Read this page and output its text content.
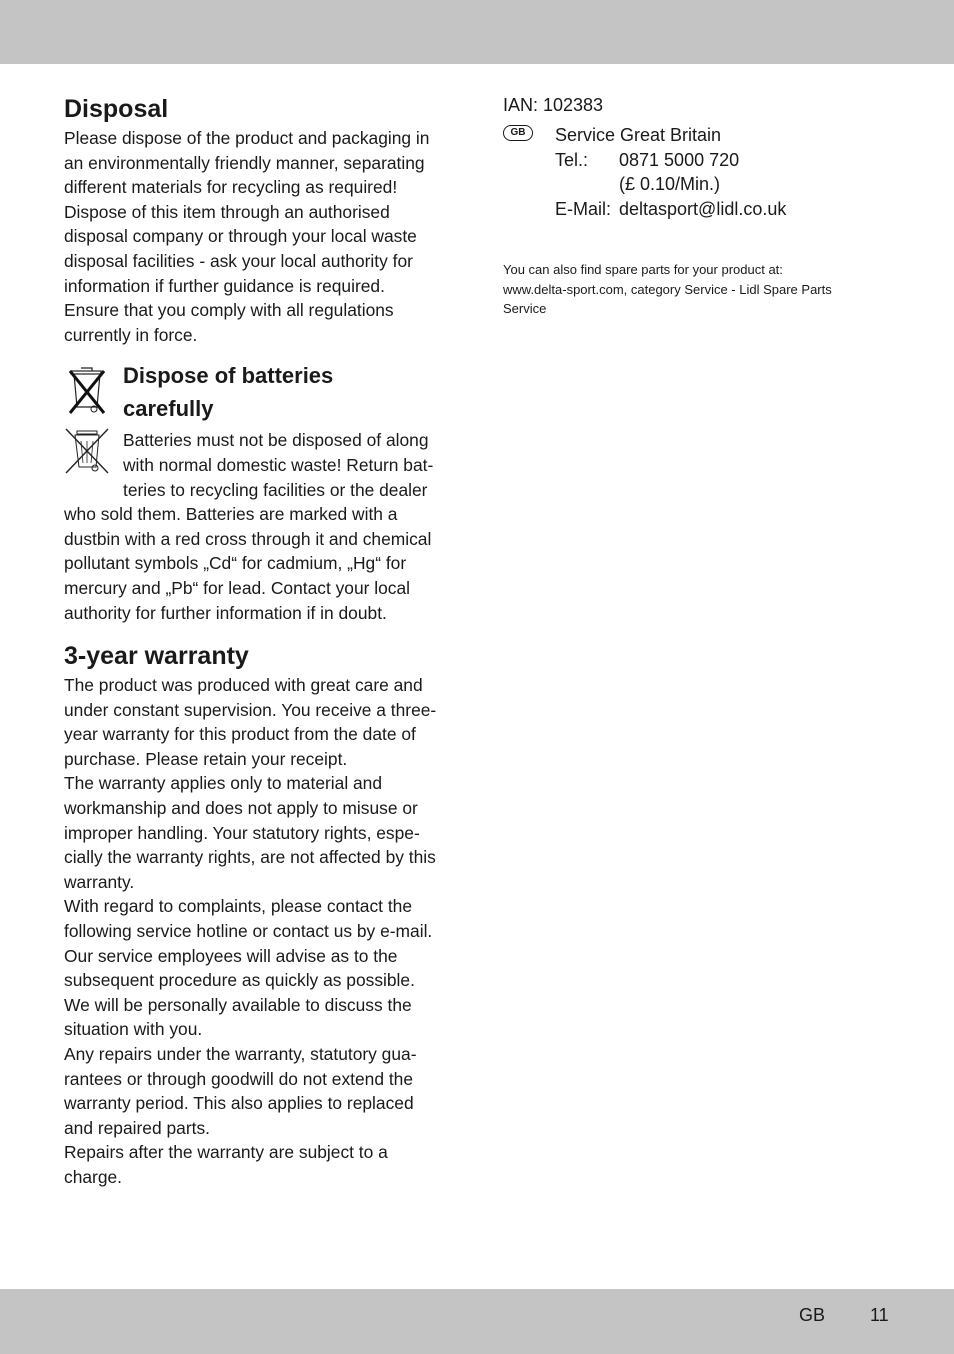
Disposal
Please dispose of the product and packaging in
an environmentally friendly manner, separating
different materials for recycling as required!
Dispose of this item through an authorised
disposal company or through your local waste
disposal facilities - ask your local authority for
information if further guidance is required.
Ensure that you comply with all regulations
currently in force.
Dispose of batteries
carefully
Batteries must not be disposed of along
with normal domestic waste! Return bat-
teries to recycling facilities or the dealer
who sold them. Batteries are marked with a
dustbin with a red cross through it and chemical
pollutant symbols „Cd“ for cadmium, „Hg“ for
mercury and „Pb“ for lead. Contact your local
authority for further information if in doubt.
3-year warranty
The product was produced with great care and
under constant supervision. You receive a three-
year warranty for this product from the date of
purchase. Please retain your receipt.
The warranty applies only to material and
workmanship and does not apply to misuse or
improper handling. Your statutory rights, espe-
cially the warranty rights, are not affected by this
warranty.
With regard to complaints, please contact the
following service hotline or contact us by e-mail.
Our service employees will advise as to the
subsequent procedure as quickly as possible.
We will be personally available to discuss the
situation with you.
Any repairs under the warranty, statutory gua-
rantees or through goodwill do not extend the
warranty period. This also applies to replaced
and repaired parts.
Repairs after the warranty are subject to a
charge.
IAN: 102383
GB	Service Great Britain
Tel.:	0871 5000 720
(£ 0.10/Min.)
E-Mail: deltasport@lidl.co.uk
You can also find spare parts for your product at:
www.delta-sport.com, category Service - Lidl Spare Parts
Service
GB 11
